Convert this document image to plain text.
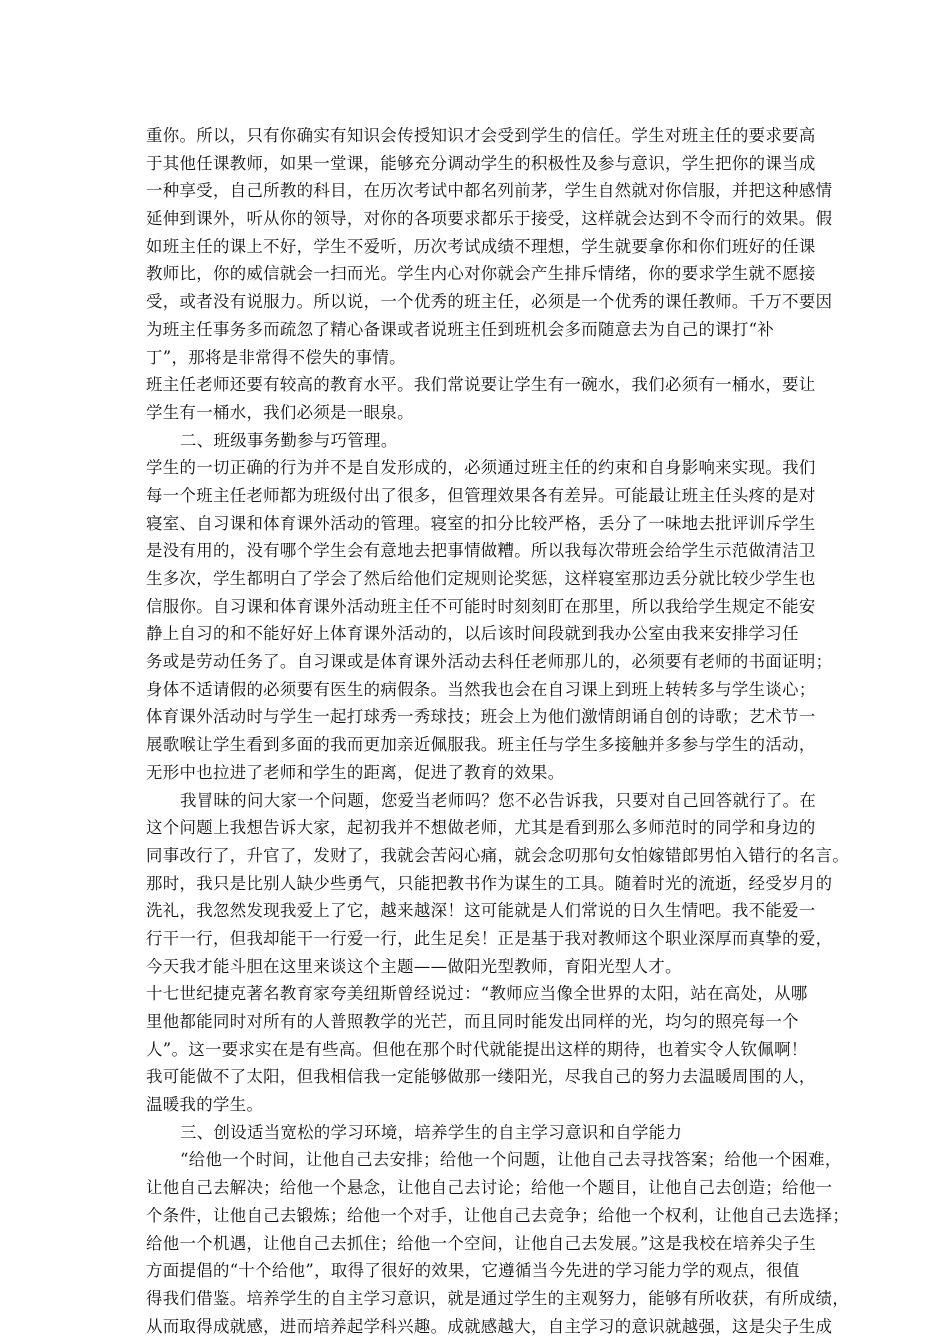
重你。所以，只有你确实有知识会传授知识才会受到学生的信任。学生对班主任的要求要高
于其他任课教师，如果一堂课，能够充分调动学生的积极性及参与意识，学生把你的课当成
一种享受，自己所教的科目，在历次考试中都名列前茅，学生自然就对你信服，并把这种感情
延伸到课外，听从你的领导，对你的各项要求都乐于接受，这样就会达到不令而行的效果。假
如班主任的课上不好，学生不爱听，历次考试成绩不理想，学生就要拿你和你们班好的任课
教师比，你的威信就会一扫而光。学生内心对你就会产生排斥情绪，你的要求学生就不愿接
受，或者没有说服力。所以说，一个优秀的班主任，必须是一个优秀的课任教师。千万不要因
为班主任事务多而疏忽了精心备课或者说班主任到班机会多而随意去为自己的课打“补
丁”，那将是非常得不偿失的事情。
班主任老师还要有较高的教育水平。我们常说要让学生有一碗水，我们必须有一桶水，要让
学生有一桶水，我们必须是一眼泉。
二、班级事务勤参与巧管理。
学生的一切正确的行为并不是自发形成的，必须通过班主任的约束和自身影响来实现。我们
每一个班主任老师都为班级付出了很多，但管理效果各有差异。可能最让班主任头疼的是对
寝室、自习课和体育课外活动的管理。寝室的扣分比较严格，丢分了一味地去批评训斥学生
是没有用的，没有哪个学生会有意地去把事情做糟。所以我每次带班会给学生示范做清洁卫
生多次，学生都明白了学会了然后给他们定规则论奖惩，这样寝室那边丢分就比较少学生也
信服你。自习课和体育课外活动班主任不可能时时刻刻盯在那里，所以我给学生规定不能安
静上自习的和不能好好上体育课外活动的，以后该时间段就到我办公室由我来安排学习任
务或是劳动任务了。自习课或是体育课外活动去科任老师那儿的，必须要有老师的书面证明；
身体不适请假的必须要有医生的病假条。当然我也会在自习课上到班上转转多与学生谈心；
体育课外活动时与学生一起打球秀一秀球技；班会上为他们激情朗诵自创的诗歌；艺术节一
展歌喉让学生看到多面的我而更加亲近佩服我。班主任与学生多接触并多参与学生的活动，
无形中也拉进了老师和学生的距离，促进了教育的效果。
我冒昧的问大家一个问题，您爱当老师吗？您不必告诉我，只要对自己回答就行了。在
这个问题上我想告诉大家，起初我并不想做老师，尤其是看到那么多师范时的同学和身边的
同事改行了，升官了，发财了，我就会苦闷心痛，就会念叨那句女怕嫁错郎男怕入错行的名言。
那时，我只是比别人缺少些勇气，只能把教书作为谋生的工具。随着时光的流逝，经受岁月的
洗礼，我忽然发现我爱上了它，越来越深！这可能就是人们常说的日久生情吧。我不能爱一
行干一行，但我却能干一行爱一行，此生足矣！正是基于我对教师这个职业深厚而真挚的爱，
今天我才能斗胆在这里来谈这个主题——做阳光型教师，育阳光型人才。
十七世纪捷克著名教育家夸美纽斯曾经说过：“教师应当像全世界的太阳，站在高处，从哪
里他都能同时对所有的人普照教学的光芒，而且同时能发出同样的光，均匀的照亮每一个
人”。这一要求实在是有些高。但他在那个时代就能提出这样的期待，也着实令人钦佩啊！
我可能做不了太阳，但我相信我一定能够做那一缕阳光，尽我自己的努力去温暖周围的人，
温暖我的学生。
三、创设适当宽松的学习环境，培养学生的自主学习意识和自学能力
“给他一个时间，让他自己去安排；给他一个问题，让他自己去寻找答案；给他一个困难，
让他自己去解决；给他一个悬念，让他自己去讨论；给他一个题目，让他自己去创造；给他一
个条件，让他自己去锻炼；给他一个对手，让他自己去竞争；给他一个权利，让他自己去选择；
给他一个机遇，让他自己去抓住；给他一个空间，让他自己去发展。”这是我校在培养尖子生
方面提倡的“十个给他”，取得了很好的效果，它遵循当今先进的学习能力学的观点，很值
得我们借鉴。培养学生的自主学习意识，就是通过学生的主观努力，能够有所收获，有所成绩，
从而取得成就感，进而培养起学科兴趣。成就感越大，自主学习的意识就越强，这是尖子生成
